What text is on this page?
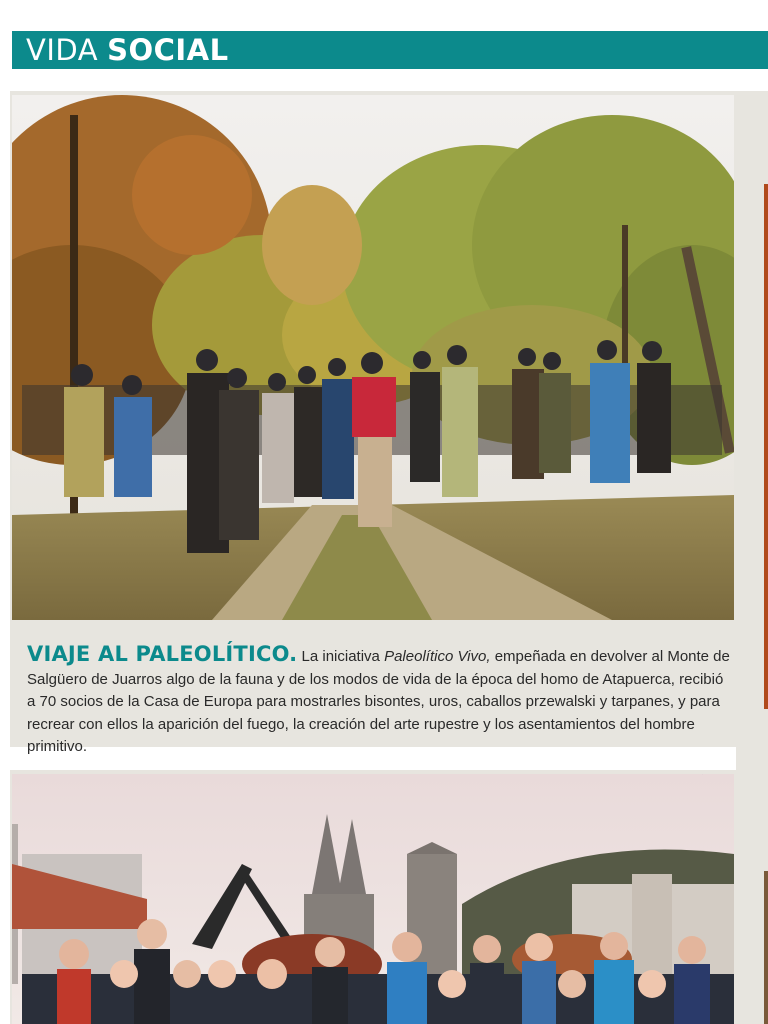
VIDA SOCIAL
VIAJE AL PALEOLÍTICO. La iniciativa Paleolítico Vivo, empeñada en devolver al Monte de Salgüero de Juarros algo de la fauna y de los modos de vida de la época del homo de Atapuerca, recibió a 70 socios de la Casa de Europa para mostrarles bisontes, uros, caballos przewalski y tarpanes, y para recrear con ellos la aparición del fuego, la creación del arte rupestre y los asentamientos del hombre primitivo.
